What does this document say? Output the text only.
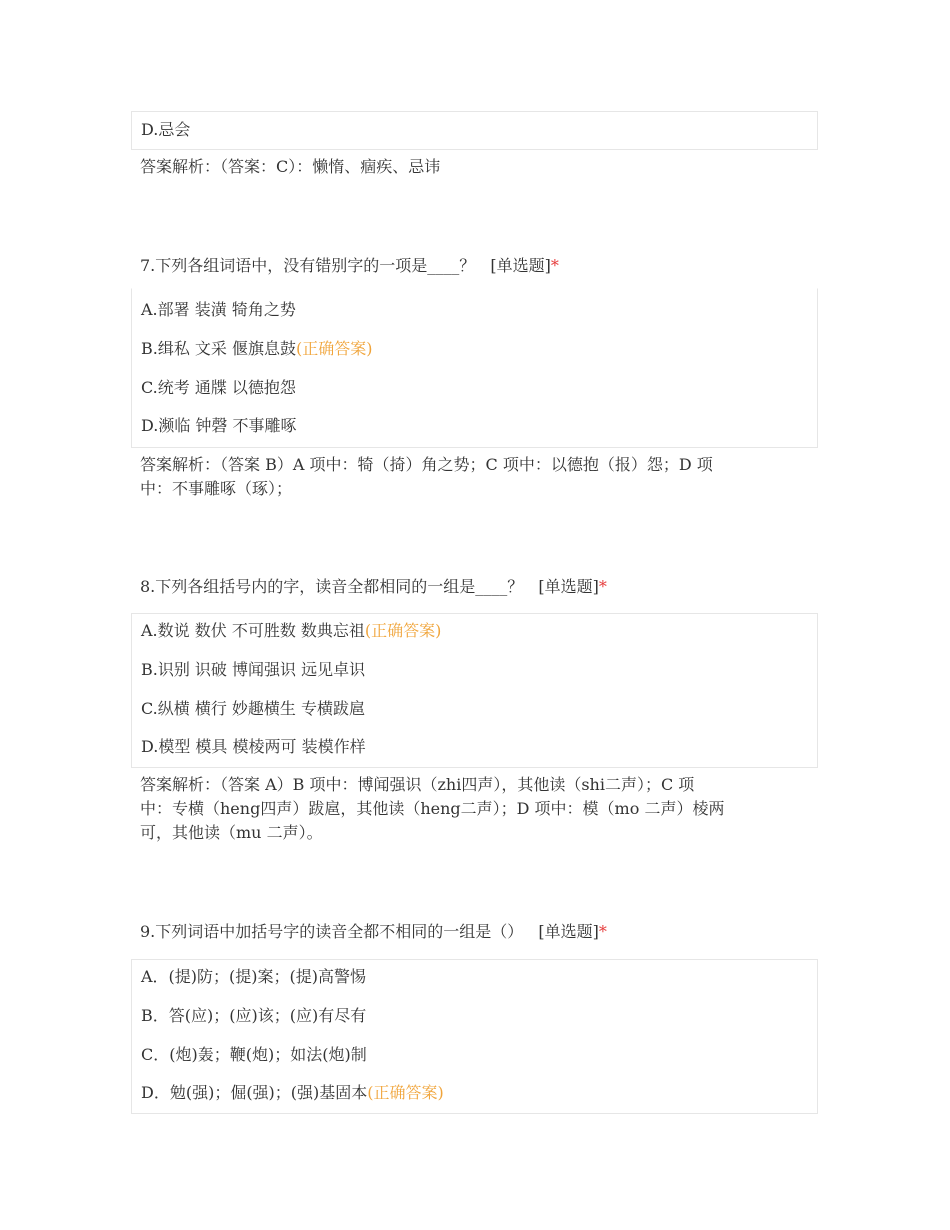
D.忌会
答案解析：（答案：C）：懒惰、痼疾、忌讳
7.下列各组词语中，没有错别字的一项是____？ [单选题]*
A.部署 装潢 犄角之势
B.缉私 文采 偃旗息鼓(正确答案)
C.统考 通牒 以德抱怨
D.濒临 钟磬 不事雕啄
答案解析：（答案 B）A 项中：犄（掎）角之势；C 项中：以德抱（报）怨；D 项
中：不事雕啄（琢）；
8.下列各组括号内的字，读音全都相同的一组是____？ [单选题]*
A.数说 数伏 不可胜数 数典忘祖(正确答案)
B.识别 识破 博闻强识 远见卓识
C.纵横 横行 妙趣横生 专横跋扈
D.模型 模具 模棱两可 装模作样
答案解析：（答案 A）B 项中：博闻强识（zhi四声），其他读（shi二声）；C 项
中：专横（heng四声）跋扈，其他读（heng二声）；D 项中：模（mo 二声）棱两
可，其他读（mu 二声）。
9.下列词语中加括号字的读音全都不相同的一组是（） [单选题]*
A．(提)防；(提)案；(提)高警惕
B．答(应)；(应)该；(应)有尽有
C．(炮)轰；鞭(炮)；如法(炮)制
D．勉(强)；倔(强)；(强)基固本(正确答案)
